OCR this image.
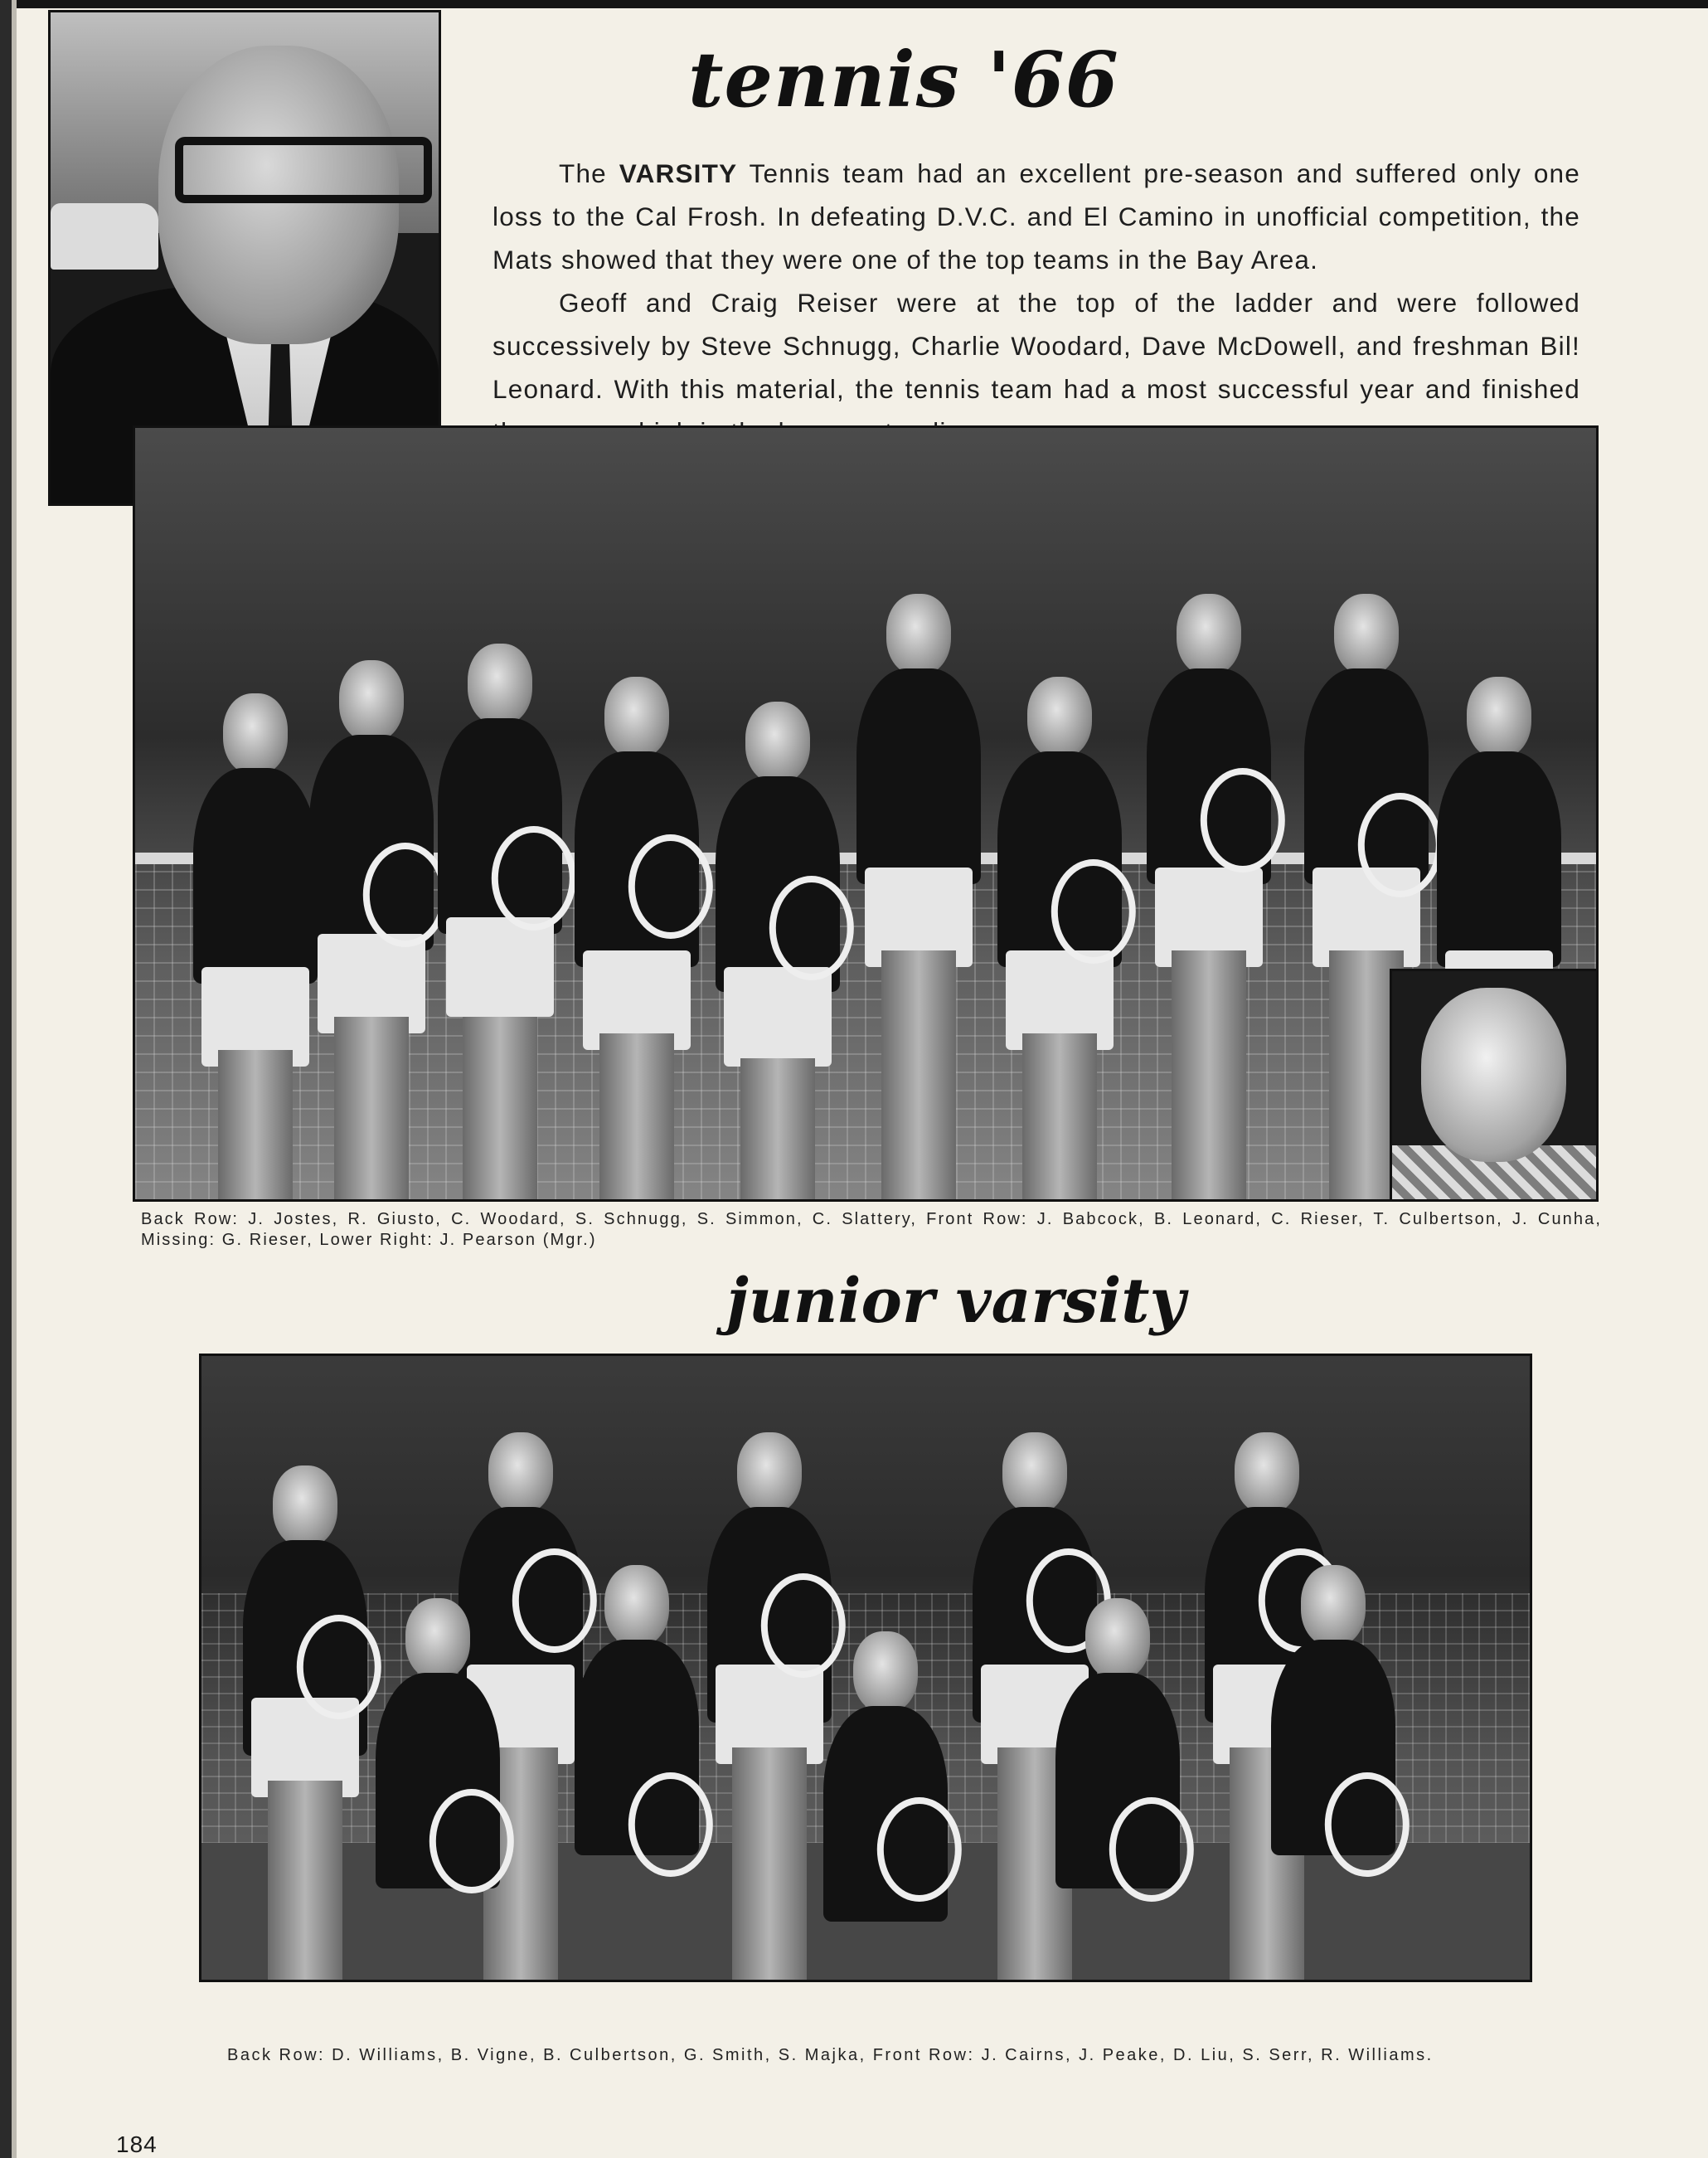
tennis '66

The VARSITY Tennis team had an excellent pre-season and suffered only one loss to the Cal Frosh. In defeating D.V.C. and El Camino in unofficial competition, the Mats showed that they were one of the top teams in the Bay Area.

Geoff and Craig Reiser were at the top of the ladder and were followed successively by Steve Schnugg, Charlie Woodard, Dave McDowell, and freshman Bil! Leonard. With this material, the tennis team had a most successful year and finished

Back Row: J. Jostes, R. Giusto, C. Woodard, S. Schnugg, S. Simmon, C. Slattery, Front Row: J. Babcock, B. Leonard, C. Rieser, T. Culbertson, J. Cunha, Missing: G. Rieser, Lower Right: J. Pearson (Mgr.)
junior varsity
Back Row: D. Williams, B. Vigne, B. Culbertson, G. Smith, S. Majka, Front Row: J. Cairns, J. Peake, D. Liu, S. Serr, R. Williams.
184
